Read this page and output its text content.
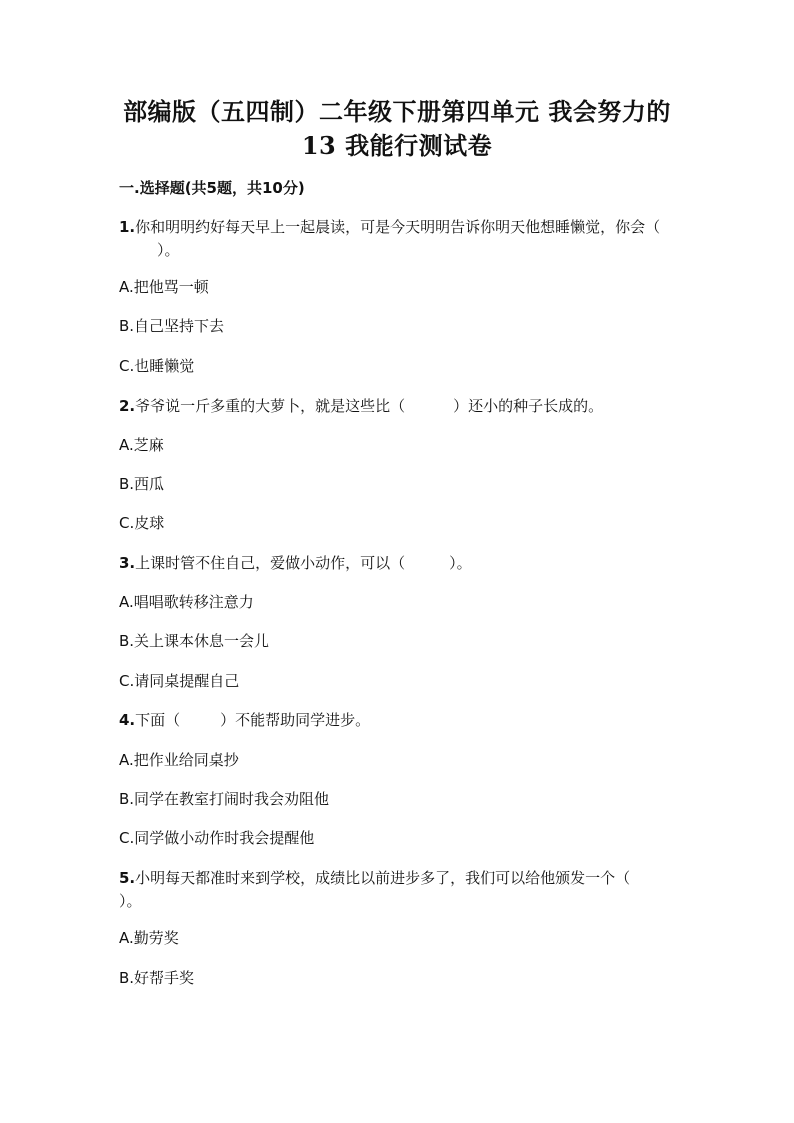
部编版（五四制）二年级下册第四单元 我会努力的
13 我能行测试卷
一.选择题(共5题，共10分)
1.你和明明约好每天早上一起晨读，可是今天明明告诉你明天他想睡懒觉，你会（）。
A.把他骂一顿
B.自己坚持下去
C.也睡懒觉
2.爷爷说一斤多重的大萝卜，就是这些比（	）还小的种子长成的。
A.芝麻
B.西瓜
C.皮球
3.上课时管不住自己，爱做小动作，可以（	）。
A.唱唱歌转移注意力
B.关上课本休息一会儿
C.请同桌提醒自己
4.下面（	）不能帮助同学进步。
A.把作业给同桌抄
B.同学在教室打闹时我会劝阻他
C.同学做小动作时我会提醒他
5.小明每天都准时来到学校，成绩比以前进步多了，我们可以给他颁发一个（）。
A.勤劳奖
B.好帮手奖
